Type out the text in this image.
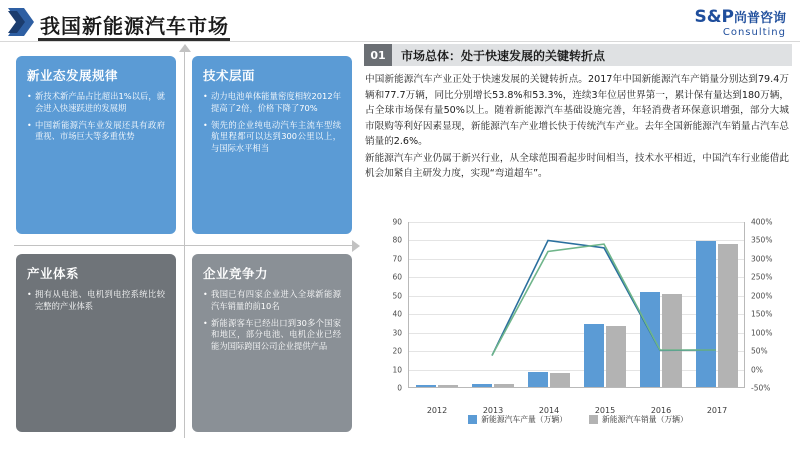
我国新能源汽车市场	S&P尚普咨询
Consulting
新业态发展规律
• 新技术新产品占比超出1%以后，就会进入快速跃进的发展期
• 中国新能源汽车业发展还具有政府重视、市场巨大等多重优势
技术层面
• 动力电池单体能量密度相较2012年提高了2倍，价格下降了70%
• 领先的企业纯电动汽车主流车型续航里程都可以达到300公里以上，与国际水平相当
产业体系
• 拥有从电池、电机到电控系统比较完整的产业体系
企业竞争力
• 我国已有四家企业进入全球新能源汽车销量的前10名
• 新能源客车已经出口到30多个国家和地区，部分电池、电机企业已经能为国际跨国公司企业提供产品
01	市场总体：处于快速发展的关键转折点

中国新能源汽车产业正处于快速发展的关键转折点。2017年中国新能源汽车产销量分别达到79.4万辆和77.7万辆，同比分别增长53.8%和53.3%，连续3年位居世界第一，累计保有量达到180万辆，占全球市场保有量50%以上。随着新能源汽车基础设施完善，年轻消费者环保意识增强，部分大城市限购等利好因素显现，新能源汽车产业增长快于传统汽车产业。去年全国新能源汽车销量占汽车总销量的2.6%。

新能源汽车产业仍属于新兴行业，从全球范围看起步时间相当，技术水平相近，中国汽车行业能借此机会加紧自主研发力度，实现“弯道超车”。

0
10
20
30
40
50
60
70
80
90
-50%
0%
50%
100%
150%
200%
250%
300%
350%
400%
2012	2013	2014	2015	2016	2017
新能源汽车产量（万辆）	新能源汽车销量（万辆）
